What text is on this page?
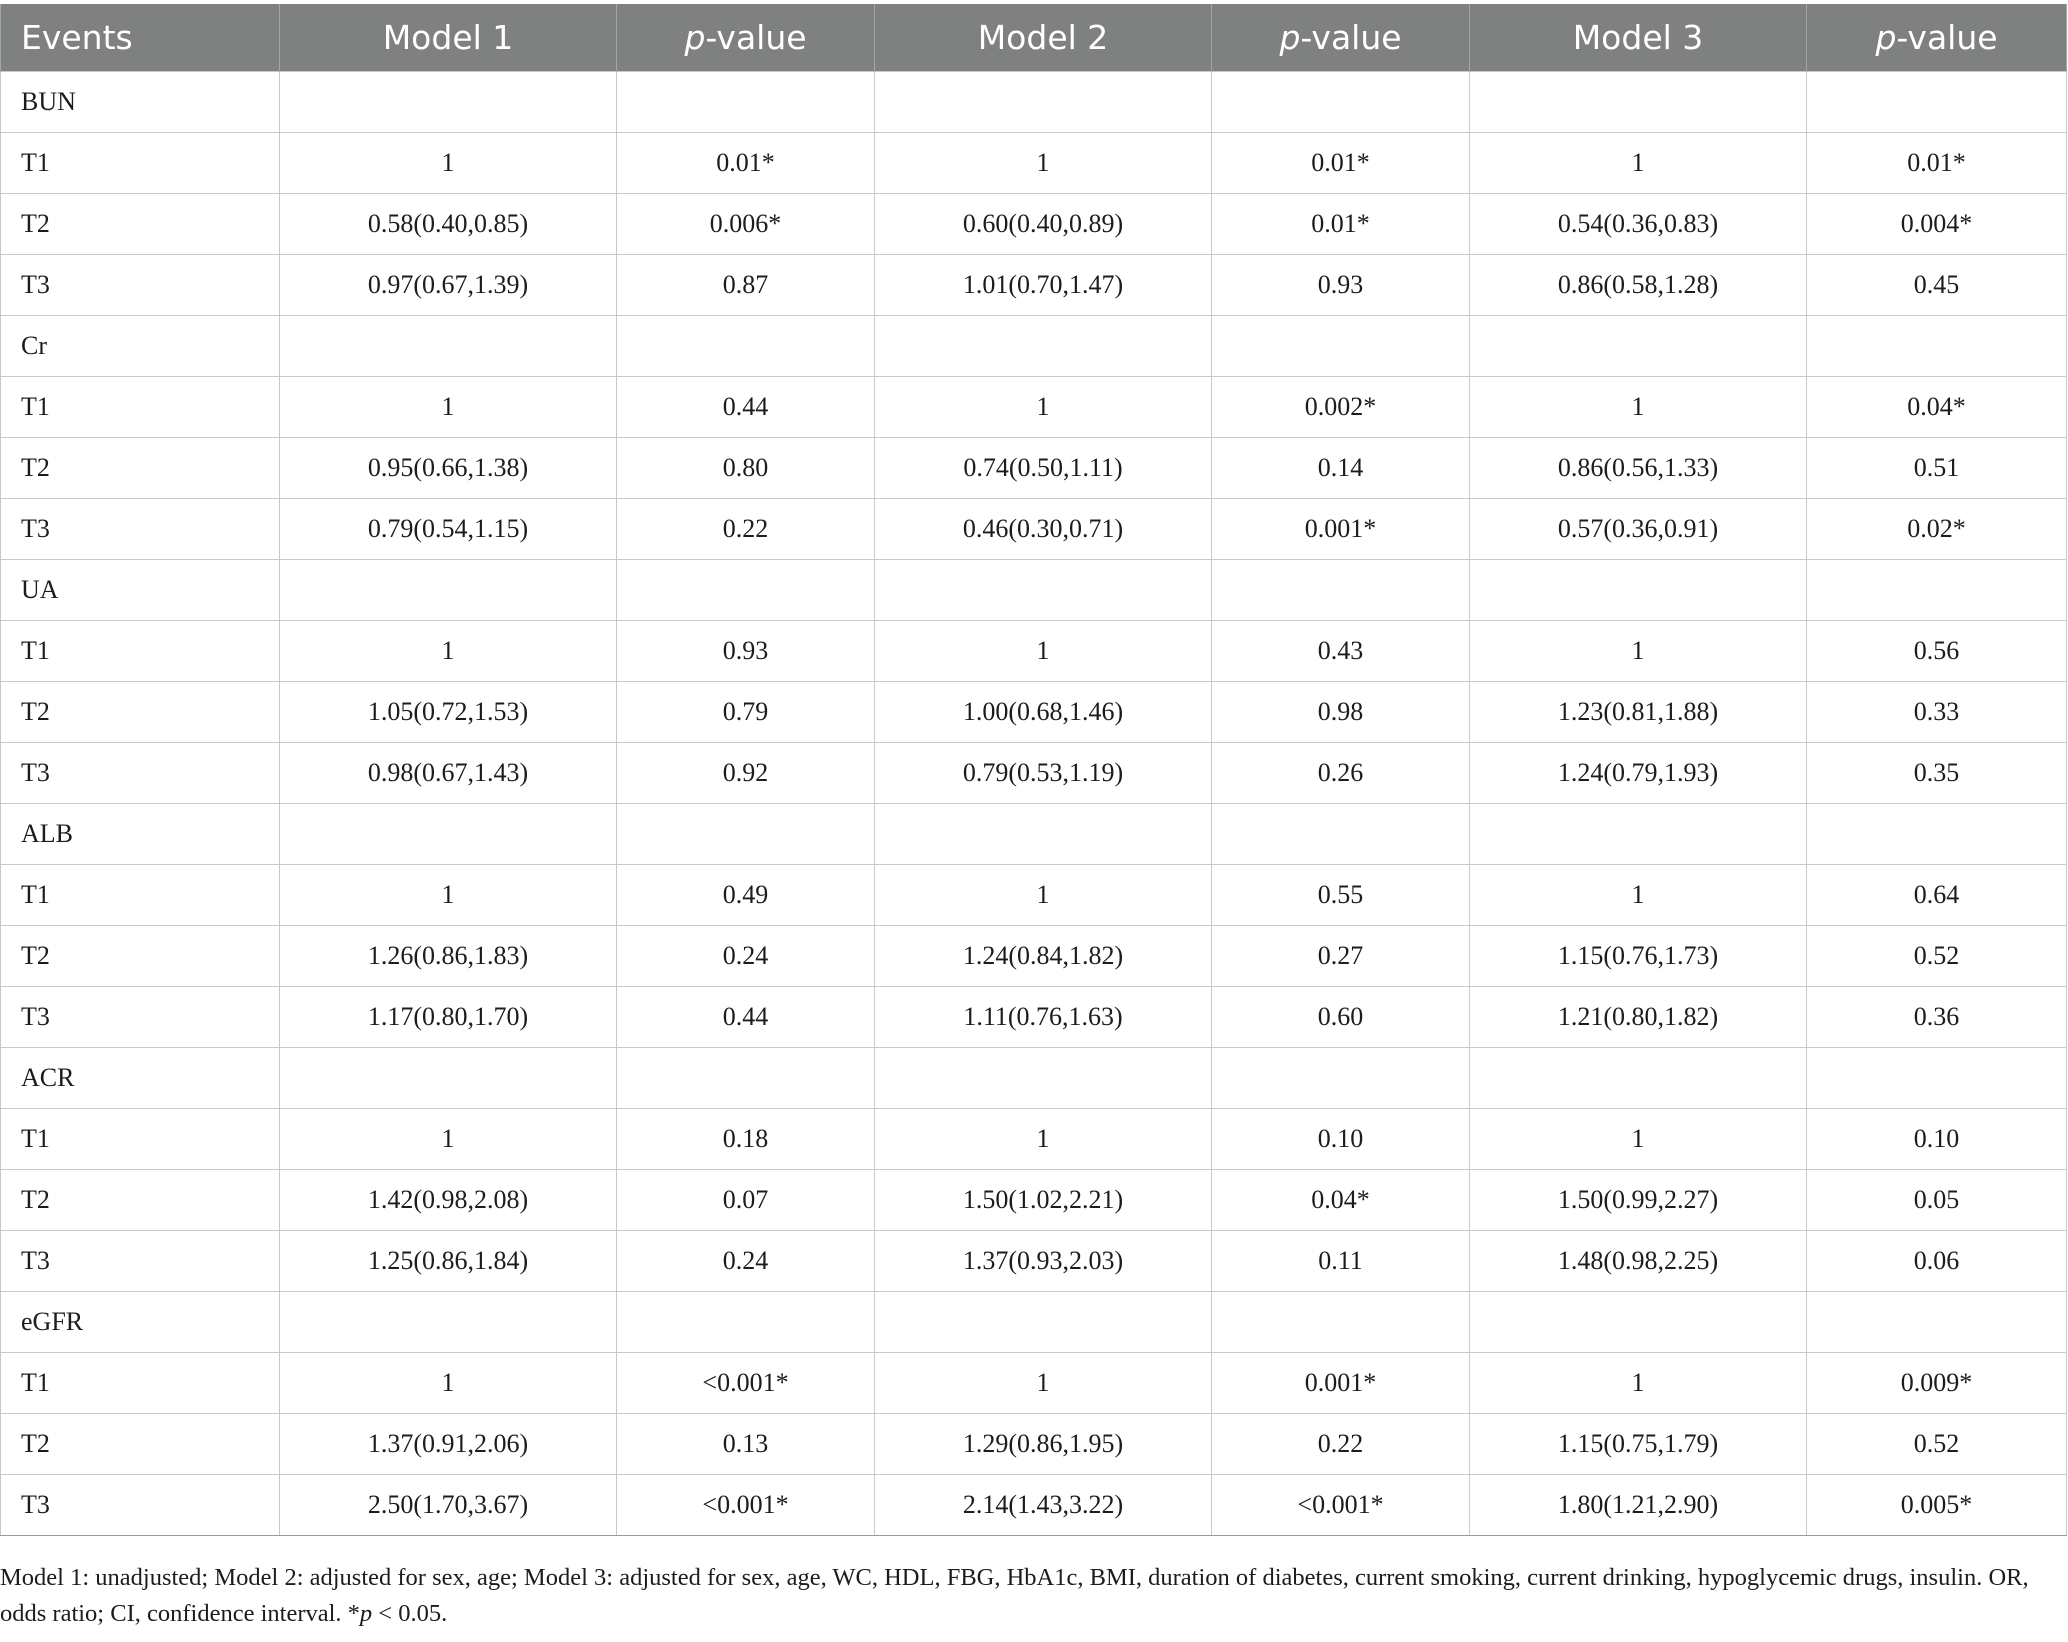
Events	Model 1	p-value	Model 2	p-value	Model 3	p-value
BUN						
T1	1	0.01*	1	0.01*	1	0.01*
T2	0.58(0.40,0.85)	0.006*	0.60(0.40,0.89)	0.01*	0.54(0.36,0.83)	0.004*
T3	0.97(0.67,1.39)	0.87	1.01(0.70,1.47)	0.93	0.86(0.58,1.28)	0.45
Cr						
T1	1	0.44	1	0.002*	1	0.04*
T2	0.95(0.66,1.38)	0.80	0.74(0.50,1.11)	0.14	0.86(0.56,1.33)	0.51
T3	0.79(0.54,1.15)	0.22	0.46(0.30,0.71)	0.001*	0.57(0.36,0.91)	0.02*
UA						
T1	1	0.93	1	0.43	1	0.56
T2	1.05(0.72,1.53)	0.79	1.00(0.68,1.46)	0.98	1.23(0.81,1.88)	0.33
T3	0.98(0.67,1.43)	0.92	0.79(0.53,1.19)	0.26	1.24(0.79,1.93)	0.35
ALB						
T1	1	0.49	1	0.55	1	0.64
T2	1.26(0.86,1.83)	0.24	1.24(0.84,1.82)	0.27	1.15(0.76,1.73)	0.52
T3	1.17(0.80,1.70)	0.44	1.11(0.76,1.63)	0.60	1.21(0.80,1.82)	0.36
ACR						
T1	1	0.18	1	0.10	1	0.10
T2	1.42(0.98,2.08)	0.07	1.50(1.02,2.21)	0.04*	1.50(0.99,2.27)	0.05
T3	1.25(0.86,1.84)	0.24	1.37(0.93,2.03)	0.11	1.48(0.98,2.25)	0.06
eGFR						
T1	1	<0.001*	1	0.001*	1	0.009*
T2	1.37(0.91,2.06)	0.13	1.29(0.86,1.95)	0.22	1.15(0.75,1.79)	0.52
T3	2.50(1.70,3.67)	<0.001*	2.14(1.43,3.22)	<0.001*	1.80(1.21,2.90)	0.005*
Model 1: unadjusted; Model 2: adjusted for sex, age; Model 3: adjusted for sex, age, WC, HDL, FBG, HbA1c, BMI, duration of diabetes, current smoking, current drinking, hypoglycemic drugs, insulin. OR, odds ratio; CI, confidence interval. *p < 0.05.
